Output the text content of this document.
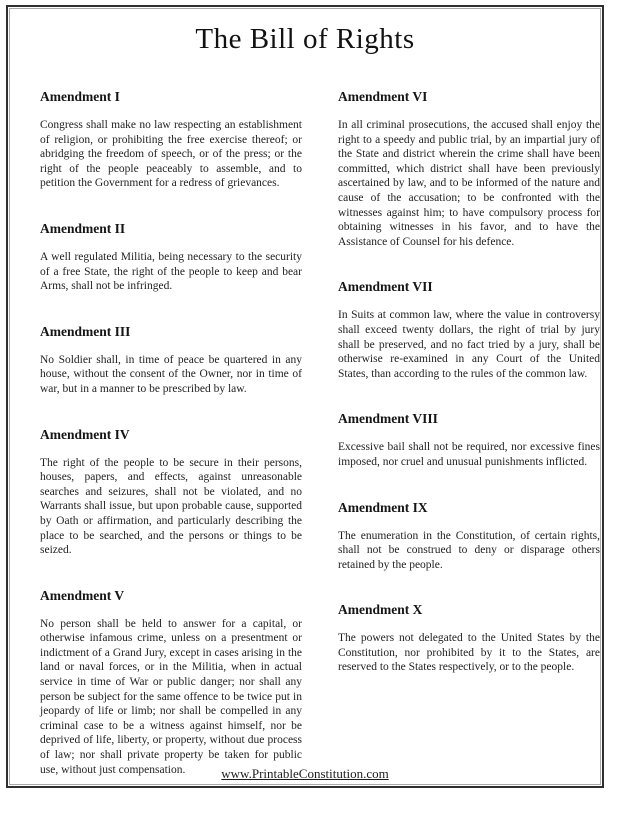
The Bill of Rights
Amendment I

Congress shall make no law respecting an establishment of religion, or prohibiting the free exercise thereof; or abridging the freedom of speech, or of the press; or the right of the people peaceably to assemble, and to petition the Government for a redress of grievances.

Amendment II

A well regulated Militia, being necessary to the security of a free State, the right of the people to keep and bear Arms, shall not be infringed.

Amendment III

No Soldier shall, in time of peace be quartered in any house, without the consent of the Owner, nor in time of war, but in a manner to be prescribed by law.

Amendment IV

The right of the people to be secure in their persons, houses, papers, and effects, against unreasonable searches and seizures, shall not be violated, and no Warrants shall issue, but upon probable cause, supported by Oath or affirmation, and particularly describing the place to be searched, and the persons or things to be seized.

Amendment V

No person shall be held to answer for a capital, or otherwise infamous crime, unless on a presentment or indictment of a Grand Jury, except in cases arising in the land or naval forces, or in the Militia, when in actual service in time of War or public danger; nor shall any person be subject for the same offence to be twice put in jeopardy of life or limb; nor shall be compelled in any criminal case to be a witness against himself, nor be deprived of life, liberty, or property, without due process of law; nor shall private property be taken for public use, without just compensation.

Amendment VI

In all criminal prosecutions, the accused shall enjoy the right to a speedy and public trial, by an impartial jury of the State and district wherein the crime shall have been committed, which district shall have been previously ascertained by law, and to be informed of the nature and cause of the accusation; to be confronted with the witnesses against him; to have compulsory process for obtaining witnesses in his favor, and to have the Assistance of Counsel for his defence.

Amendment VII

In Suits at common law, where the value in controversy shall exceed twenty dollars, the right of trial by jury shall be preserved, and no fact tried by a jury, shall be otherwise re-examined in any Court of the United States, than according to the rules of the common law.

Amendment VIII

Excessive bail shall not be required, nor excessive fines imposed, nor cruel and unusual punishments inflicted.

Amendment IX

The enumeration in the Constitution, of certain rights, shall not be construed to deny or disparage others retained by the people.

Amendment X

The powers not delegated to the United States by the Constitution, nor prohibited by it to the States, are reserved to the States respectively, or to the people.

www.PrintableConstitution.com
